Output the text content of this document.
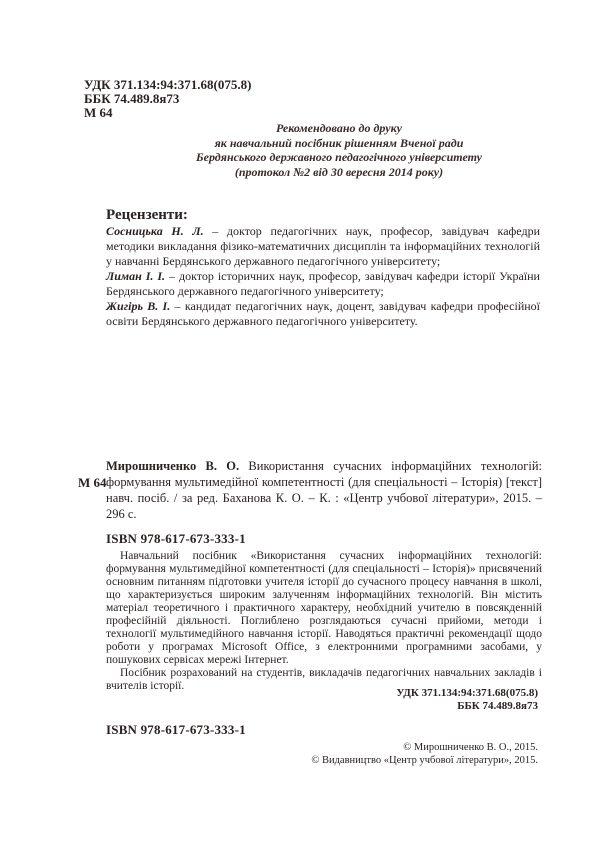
УДК 371.134:94:371.68(075.8)
ББК 74.489.8я73
М 64
Рекомендовано до друку
як навчальний посібник рішенням Вченої ради
Бердянського державного педагогічного університету
(протокол №2 від 30 вересня 2014 року)
Рецензенти:

Сосницька Н. Л. – доктор педагогічних наук, професор, завідувач кафедри методики викладання фізико-математичних дисциплін та інформаційних технологій у навчанні Бердянського державного педагогічного університету;

Лиман І. І. – доктор історичних наук, професор, завідувач кафедри історії України Бердянського державного педагогічного університету;

Жигірь В. І. – кандидат педагогічних наук, доцент, завідувач кафедри професійної освіти Бердянського державного педагогічного університету.

М 64
Мирошниченко В. О. Використання сучасних інформаційних технологій: формування мультимедійної компетентності (для спеціальності – Історія) [текст] навч. посіб. / за ред. Баханова К. О. – К. : «Центр учбової літератури», 2015. – 296 с.
ISBN 978-617-673-333-1

Навчальний посібник «Використання сучасних інформаційних технологій: формування мультимедійної компетентності (для спеціальності – Історія)» присвячений основним питанням підготовки учителя історії до сучасного процесу навчання в школі, що характеризується широким залученням інформаційних технологій. Він містить матеріал теоретичного і практичного характеру, необхідний учителю в повсякденній професійній діяльності. Поглиблено розглядаються сучасні прийоми, методи і технології мультимедійного навчання історії. Наводяться практичні рекомендації щодо роботи у програмах Microsoft Office, з електронними програмними засобами, у пошукових сервісах мережі Інтернет.

Посібник розрахований на студентів, викладачів педагогічних навчальних закладів і вчителів історії.

УДК 371.134:94:371.68(075.8)
ББК 74.489.8я73
ISBN 978-617-673-333-1
© Мирошниченко В. О., 2015.
© Видавництво «Центр учбової літератури», 2015.
